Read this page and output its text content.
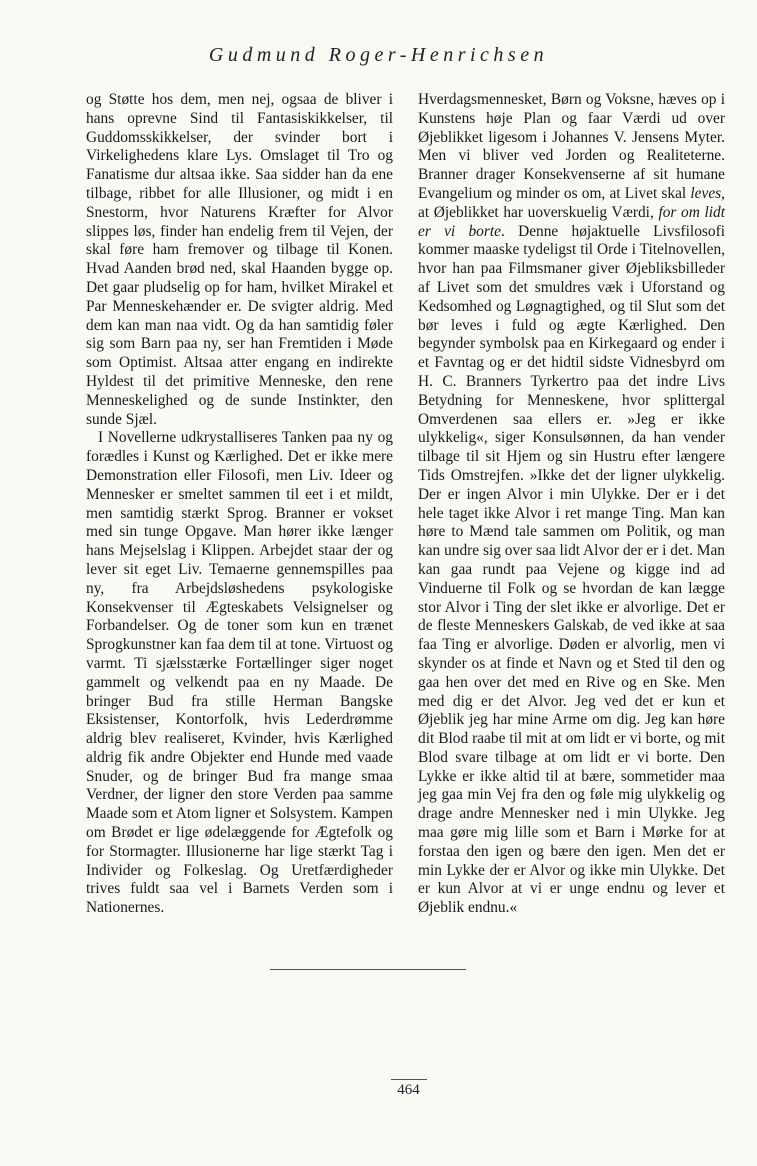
Gudmund Roger-Henrichsen

og Støtte hos dem, men nej, ogsaa de bliver i hans oprevne Sind til Fantasiskikkelser, til Guddomsskikkelser, der svinder bort i Virkelighedens klare Lys. Omslaget til Tro og Fanatisme dur altsaa ikke. Saa sidder han da ene tilbage, ribbet for alle Illusioner, og midt i en Snestorm, hvor Naturens Kræfter for Alvor slippes løs, finder han endelig frem til Vejen, der skal føre ham fremover og tilbage til Konen. Hvad Aanden brød ned, skal Haanden bygge op. Det gaar pludselig op for ham, hvilket Mirakel et Par Menneskehænder er. De svigter aldrig. Med dem kan man naa vidt. Og da han samtidig føler sig som Barn paa ny, ser han Fremtiden i Møde som Optimist. Altsaa atter engang en indirekte Hyldest til det primitive Menneske, den rene Menneskelighed og de sunde Instinkter, den sunde Sjæl.

I Novellerne udkrystalliseres Tanken paa ny og forædles i Kunst og Kærlighed. Det er ikke mere Demonstration eller Filosofi, men Liv. Ideer og Mennesker er smeltet sammen til eet i et mildt, men samtidig stærkt Sprog. Branner er vokset med sin tunge Opgave. Man hører ikke længer hans Mejselslag i Klippen. Arbejdet staar der og lever sit eget Liv. Temaerne gennemspilles paa ny, fra Arbejdsløshedens psykologiske Konsekvenser til Ægteskabets Velsignelser og Forbandelser. Og de toner som kun en trænet Sprogkunstner kan faa dem til at tone. Virtuost og varmt. Ti sjælsstærke Fortællinger siger noget gammelt og velkendt paa en ny Maade. De bringer Bud fra stille Herman Bangske Eksistenser, Kontorfolk, hvis Lederdrømme aldrig blev realiseret, Kvinder, hvis Kærlighed aldrig fik andre Objekter end Hunde med vaade Snuder, og de bringer Bud fra mange smaa Verdner, der ligner den store Verden paa samme Maade som et Atom ligner et Solsystem. Kampen om Brødet er lige ødelæggende for Ægtefolk og for Stormagter. Illusionerne har lige stærkt Tag i Individer og Folkeslag. Og Uretfærdigheder trives fuldt saa vel i Barnets Verden som i Nationernes.

Hverdagsmennesket, Børn og Voksne, hæves op i Kunstens høje Plan og faar Værdi ud over Øjeblikket ligesom i Johannes V. Jensens Myter. Men vi bliver ved Jorden og Realiteterne. Branner drager Konsekvenserne af sit humane Evangelium og minder os om, at Livet skal leves, at Øjeblikket har uoverskuelig Værdi, for om lidt er vi borte. Denne højaktuelle Livsfilosofi kommer maaske tydeligst til Orde i Titelnovellen, hvor han paa Filmsmaner giver Øjebliksbilleder af Livet som det smuldres væk i Uforstand og Kedsomhed og Løgnagtighed, og til Slut som det bør leves i fuld og ægte Kærlighed. Den begynder symbolsk paa en Kirkegaard og ender i et Favntag og er det hidtil sidste Vidnesbyrd om H. C. Branners Tyrkertro paa det indre Livs Betydning for Menneskene, hvor splittergal Omverdenen saa ellers er. »Jeg er ikke ulykkelig«, siger Konsulsønnen, da han vender tilbage til sit Hjem og sin Hustru efter længere Tids Omstrejfen. »Ikke det der ligner ulykkelig. Der er ingen Alvor i min Ulykke. Der er i det hele taget ikke Alvor i ret mange Ting. Man kan høre to Mænd tale sammen om Politik, og man kan undre sig over saa lidt Alvor der er i det. Man kan gaa rundt paa Vejene og kigge ind ad Vinduerne til Folk og se hvordan de kan lægge stor Alvor i Ting der slet ikke er alvorlige. Det er de fleste Menneskers Galskab, de ved ikke at saa faa Ting er alvorlige. Døden er alvorlig, men vi skynder os at finde et Navn og et Sted til den og gaa hen over det med en Rive og en Ske. Men med dig er det Alvor. Jeg ved det er kun et Øjeblik jeg har mine Arme om dig. Jeg kan høre dit Blod raabe til mit at om lidt er vi borte, og mit Blod svare tilbage at om lidt er vi borte. Den Lykke er ikke altid til at bære, sommetider maa jeg gaa min Vej fra den og føle mig ulykkelig og drage andre Mennesker ned i min Ulykke. Jeg maa gøre mig lille som et Barn i Mørke for at forstaa den igen og bære den igen. Men det er min Lykke der er Alvor og ikke min Ulykke. Det er kun Alvor at vi er unge endnu og lever et Øjeblik endnu.«

464
